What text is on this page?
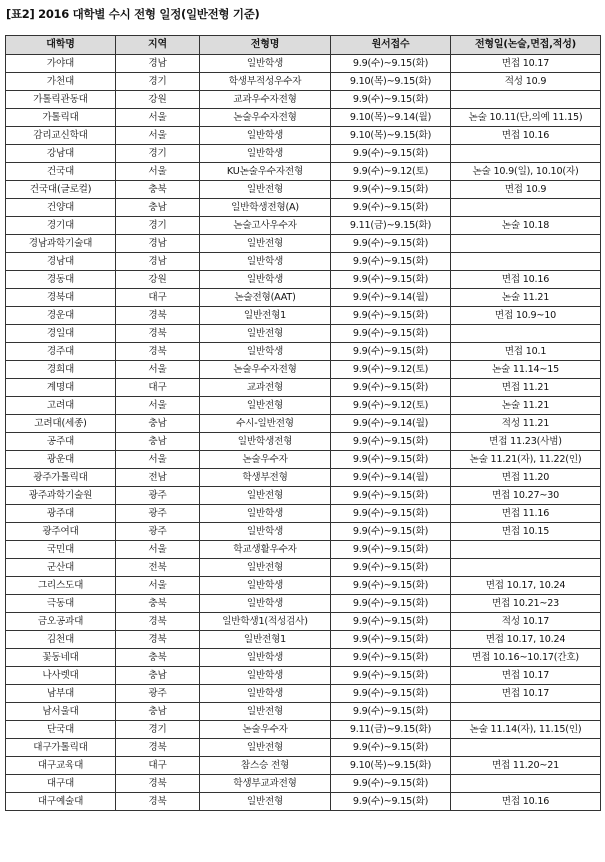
[표2] 2016 대학별 수시 전형 일정(일반전형 기준)
대학명	지역	전형명	원서접수	전형일(논술,면접,적성)
가야대	경남	일반학생	9.9(수)~9.15(화)	면접 10.17
가천대	경기	학생부적성우수자	9.10(목)~9.15(화)	적성 10.9
가톨릭관동대	강원	교과우수자전형	9.9(수)~9.15(화)	
가톨릭대	서울	논술우수자전형	9.10(목)~9.14(월)	논술 10.11(단,의예 11.15)
감리교신학대	서울	일반학생	9.10(목)~9.15(화)	면접 10.16
강남대	경기	일반학생	9.9(수)~9.15(화)	
건국대	서울	KU논술우수자전형	9.9(수)~9.12(토)	논술 10.9(일), 10.10(자)
건국대(글로컬)	충북	일반전형	9.9(수)~9.15(화)	면접 10.9
건양대	충남	일반학생전형(A)	9.9(수)~9.15(화)	
경기대	경기	논술고사우수자	9.11(금)~9.15(화)	논술 10.18
경남과학기술대	경남	일반전형	9.9(수)~9.15(화)	
경남대	경남	일반학생	9.9(수)~9.15(화)	
경동대	강원	일반학생	9.9(수)~9.15(화)	면접 10.16
경북대	대구	논술전형(AAT)	9.9(수)~9.14(월)	논술 11.21
경운대	경북	일반전형1	9.9(수)~9.15(화)	면접 10.9~10
경일대	경북	일반전형	9.9(수)~9.15(화)	
경주대	경북	일반학생	9.9(수)~9.15(화)	면접 10.1
경희대	서울	논술우수자전형	9.9(수)~9.12(토)	논술 11.14~15
계명대	대구	교과전형	9.9(수)~9.15(화)	면접 11.21
고려대	서울	일반전형	9.9(수)~9.12(토)	논술 11.21
고려대(세종)	충남	수시-일반전형	9.9(수)~9.14(월)	적성 11.21
공주대	충남	일반학생전형	9.9(수)~9.15(화)	면접 11.23(사범)
광운대	서울	논술우수자	9.9(수)~9.15(화)	논술 11.21(자), 11.22(인)
광주가톨릭대	전남	학생부전형	9.9(수)~9.14(월)	면접 11.20
광주과학기술원	광주	일반전형	9.9(수)~9.15(화)	면접 10.27~30
광주대	광주	일반학생	9.9(수)~9.15(화)	면접 11.16
광주여대	광주	일반학생	9.9(수)~9.15(화)	면접 10.15
국민대	서울	학교생활우수자	9.9(수)~9.15(화)	
군산대	전북	일반전형	9.9(수)~9.15(화)	
그리스도대	서울	일반학생	9.9(수)~9.15(화)	면접 10.17, 10.24
극동대	충북	일반학생	9.9(수)~9.15(화)	면접 10.21~23
금오공과대	경북	일반학생1(적성검사)	9.9(수)~9.15(화)	적성 10.17
김천대	경북	일반전형1	9.9(수)~9.15(화)	면접 10.17, 10.24
꽃동네대	충북	일반학생	9.9(수)~9.15(화)	면접 10.16~10.17(간호)
나사렛대	충남	일반학생	9.9(수)~9.15(화)	면접 10.17
남부대	광주	일반학생	9.9(수)~9.15(화)	면접 10.17
남서울대	충남	일반전형	9.9(수)~9.15(화)	
단국대	경기	논술우수자	9.11(금)~9.15(화)	논술 11.14(자), 11.15(인)
대구가톨릭대	경북	일반전형	9.9(수)~9.15(화)	
대구교육대	대구	참스승 전형	9.10(목)~9.15(화)	면접 11.20~21
대구대	경북	학생부교과전형	9.9(수)~9.15(화)	
대구예술대	경북	일반전형	9.9(수)~9.15(화)	면접 10.16
